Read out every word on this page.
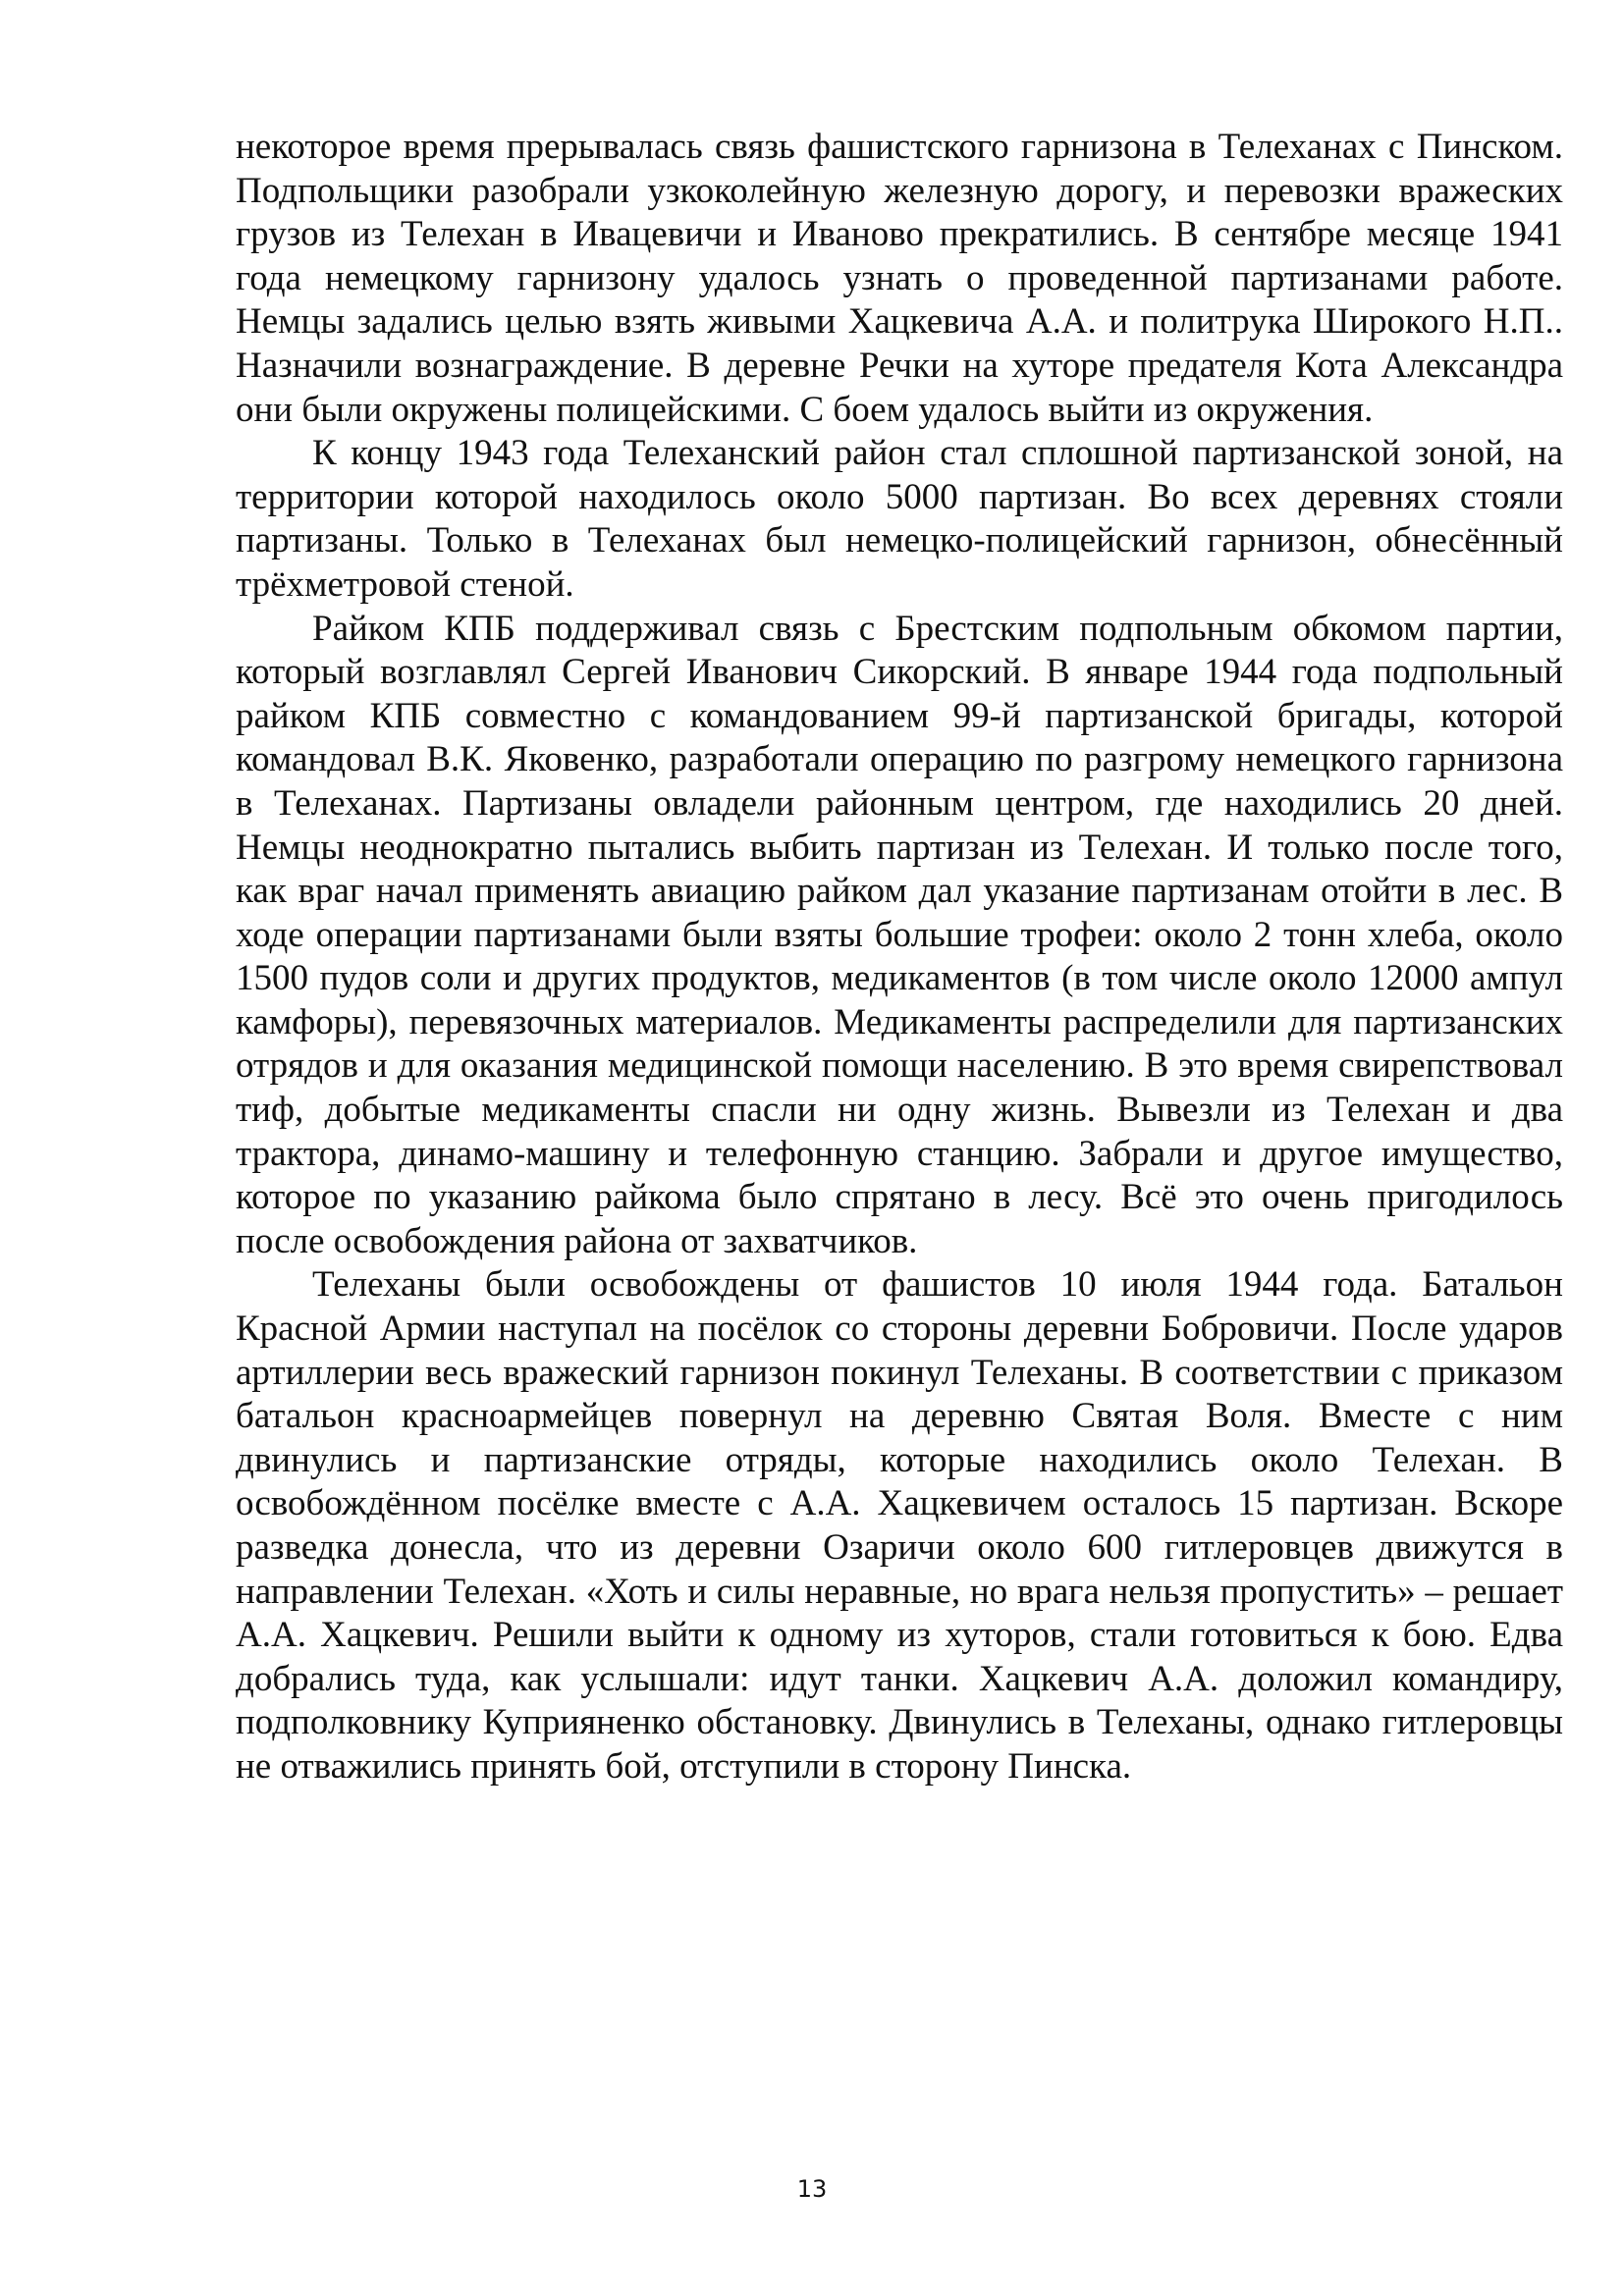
некоторое время прерывалась связь фашистского гарнизона в Телеханах с Пинском. Подпольщики разобрали узкоколейную железную дорогу, и перевозки вражеских грузов из Телехан в Ивацевичи и Иваново прекратились. В сентябре месяце 1941 года немецкому гарнизону удалось узнать о проведенной партизанами работе. Немцы задались целью взять живыми Хацкевича А.А. и политрука Широкого Н.П.. Назначили вознаграждение. В деревне Речки на хуторе предателя Кота Александра они были окружены полицейскими. С боем удалось выйти из окружения.

К концу 1943 года Телеханский район стал сплошной партизанской зоной, на территории которой находилось около 5000 партизан. Во всех деревнях стояли партизаны. Только в Телеханах был немецко-полицейский гарнизон, обнесённый трёхметровой стеной.

Райком КПБ поддерживал связь с Брестским подпольным обкомом партии, который возглавлял Сергей Иванович Сикорский. В январе 1944 года подпольный райком КПБ совместно с командованием 99-й партизанской бригады, которой командовал В.К. Яковенко, разработали операцию по разгрому немецкого гарнизона в Телеханах. Партизаны овладели районным центром, где находились 20 дней. Немцы неоднократно пытались выбить партизан из Телехан. И только после того, как враг начал применять авиацию райком дал указание партизанам отойти в лес. В ходе операции партизанами были взяты большие трофеи: около 2 тонн хлеба, около 1500 пудов соли и других продуктов, медикаментов (в том числе около 12000 ампул камфоры), перевязочных материалов. Медикаменты распределили для партизанских отрядов и для оказания медицинской помощи населению. В это время свирепствовал тиф, добытые медикаменты спасли ни одну жизнь. Вывезли из Телехан и два трактора, динамо-машину и телефонную станцию. Забрали и другое имущество, которое по указанию райкома было спрятано в лесу. Всё это очень пригодилось после освобождения района от захватчиков.

Телеханы были освобождены от фашистов 10 июля 1944 года. Батальон Красной Армии наступал на посёлок со стороны деревни Бобровичи. После ударов артиллерии весь вражеский гарнизон покинул Телеханы. В соответствии с приказом батальон красноармейцев повернул на деревню Святая Воля. Вместе с ним двинулись и партизанские отряды, которые находились около Телехан. В освобождённом посёлке вместе с А.А. Хацкевичем осталось 15 партизан. Вскоре разведка донесла, что из деревни Озаричи около 600 гитлеровцев движутся в направлении Телехан. «Хоть и силы неравные, но врага нельзя пропустить» – решает А.А. Хацкевич. Решили выйти к одному из хуторов, стали готовиться к бою. Едва добрались туда, как услышали: идут танки. Хацкевич А.А. доложил командиру, подполковнику Куприяненко обстановку. Двинулись в Телеханы, однако гитлеровцы не отважились принять бой, отступили в сторону Пинска.

13
